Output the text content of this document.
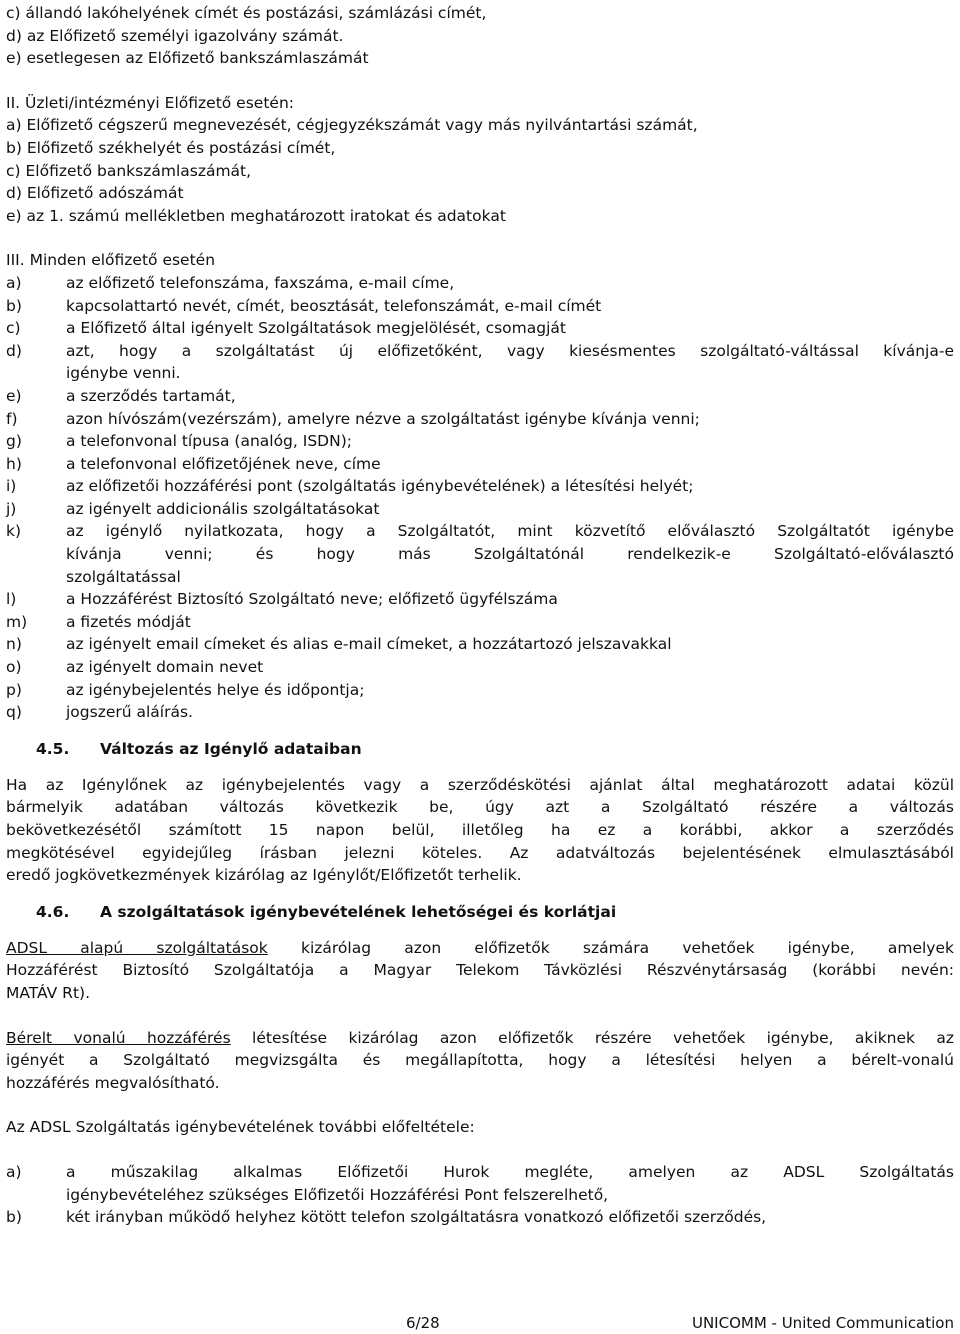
c) állandó lakóhelyének címét és postázási, számlázási címét,
d) az Előfizető személyi igazolvány számát.
e) esetlegesen az Előfizető bankszámlaszámát
II. Üzleti/intézményi Előfizető esetén:
a) Előfizető cégszerű megnevezését, cégjegyzékszámát vagy más nyilvántartási számát,
b) Előfizető székhelyét és postázási címét,
c) Előfizető bankszámlaszámát,
d) Előfizető adószámát
e) az 1. számú mellékletben meghatározott iratokat és adatokat
III. Minden előfizető esetén
a)	az előfizető telefonszáma, faxszáma, e-mail címe,
b)	kapcsolattartó nevét, címét, beosztását, telefonszámát, e-mail címét
c)	a Előfizető által igényelt Szolgáltatások megjelölését, csomagját
d)	azt, hogy a szolgáltatást új előfizetőként, vagy kiesésmentes szolgáltató-váltással kívánja-e
igénybe venni.
e)	a szerződés tartamát,
f)	azon hívószám(vezérszám), amelyre nézve a szolgáltatást igénybe kívánja venni;
g)	a telefonvonal típusa (analóg, ISDN);
h)	a telefonvonal előfizetőjének neve, címe
i)	az előfizetői hozzáférési pont (szolgáltatás igénybevételének) a létesítési helyét;
j)	az igényelt addicionális szolgáltatásokat
k)	az igénylő nyilatkozata, hogy a Szolgáltatót, mint közvetítő előválasztó Szolgáltatót igénybe
kívánja venni; és hogy más Szolgáltatónál rendelkezik-e Szolgáltató-előválasztó
szolgáltatással
l)	a Hozzáférést Biztosító Szolgáltató neve; előfizető ügyfélszáma
m)	a fizetés módját
n)	az igényelt email címeket és alias e-mail címeket, a hozzátartozó jelszavakkal
o)	az igényelt domain nevet
p)	az igénybejelentés helye és időpontja;
q)	jogszerű aláírás.
4.5. Változás az Igénylő adataiban
Ha az Igénylőnek az igénybejelentés vagy a szerződéskötési ajánlat által meghatározott adatai közül
bármelyik adatában változás következik be, úgy azt a Szolgáltató részére a változás
bekövetkezésétől számított 15 napon belül, illetőleg ha ez a korábbi, akkor a szerződés
megkötésével egyidejűleg írásban jelezni köteles. Az adatváltozás bejelentésének elmulasztásából
eredő jogkövetkezmények kizárólag az Igénylőt/Előfizetőt terhelik.
4.6. A szolgáltatások igénybevételének lehetőségei és korlátjai
ADSL alapú szolgáltatások kizárólag azon előfizetők számára vehetőek igénybe, amelyek
Hozzáférést Biztosító Szolgáltatója a Magyar Telekom Távközlési Részvénytársaság (korábbi nevén:
MATÁV Rt).
Bérelt vonalú hozzáférés létesítése kizárólag azon előfizetők részére vehetőek igénybe, akiknek az
igényét a Szolgáltató megvizsgálta és megállapította, hogy a létesítési helyen a bérelt-vonalú
hozzáférés megvalósítható.
Az ADSL Szolgáltatás igénybevételének további előfeltétele:
a)	a műszakilag alkalmas Előfizetői Hurok megléte, amelyen az ADSL Szolgáltatás
igénybevételéhez szükséges Előfizetői Hozzáférési Pont felszerelhető,
b)	két irányban működő helyhez kötött telefon szolgáltatásra vonatkozó előfizetői szerződés,
6/28	UNICOMM - United Communication
